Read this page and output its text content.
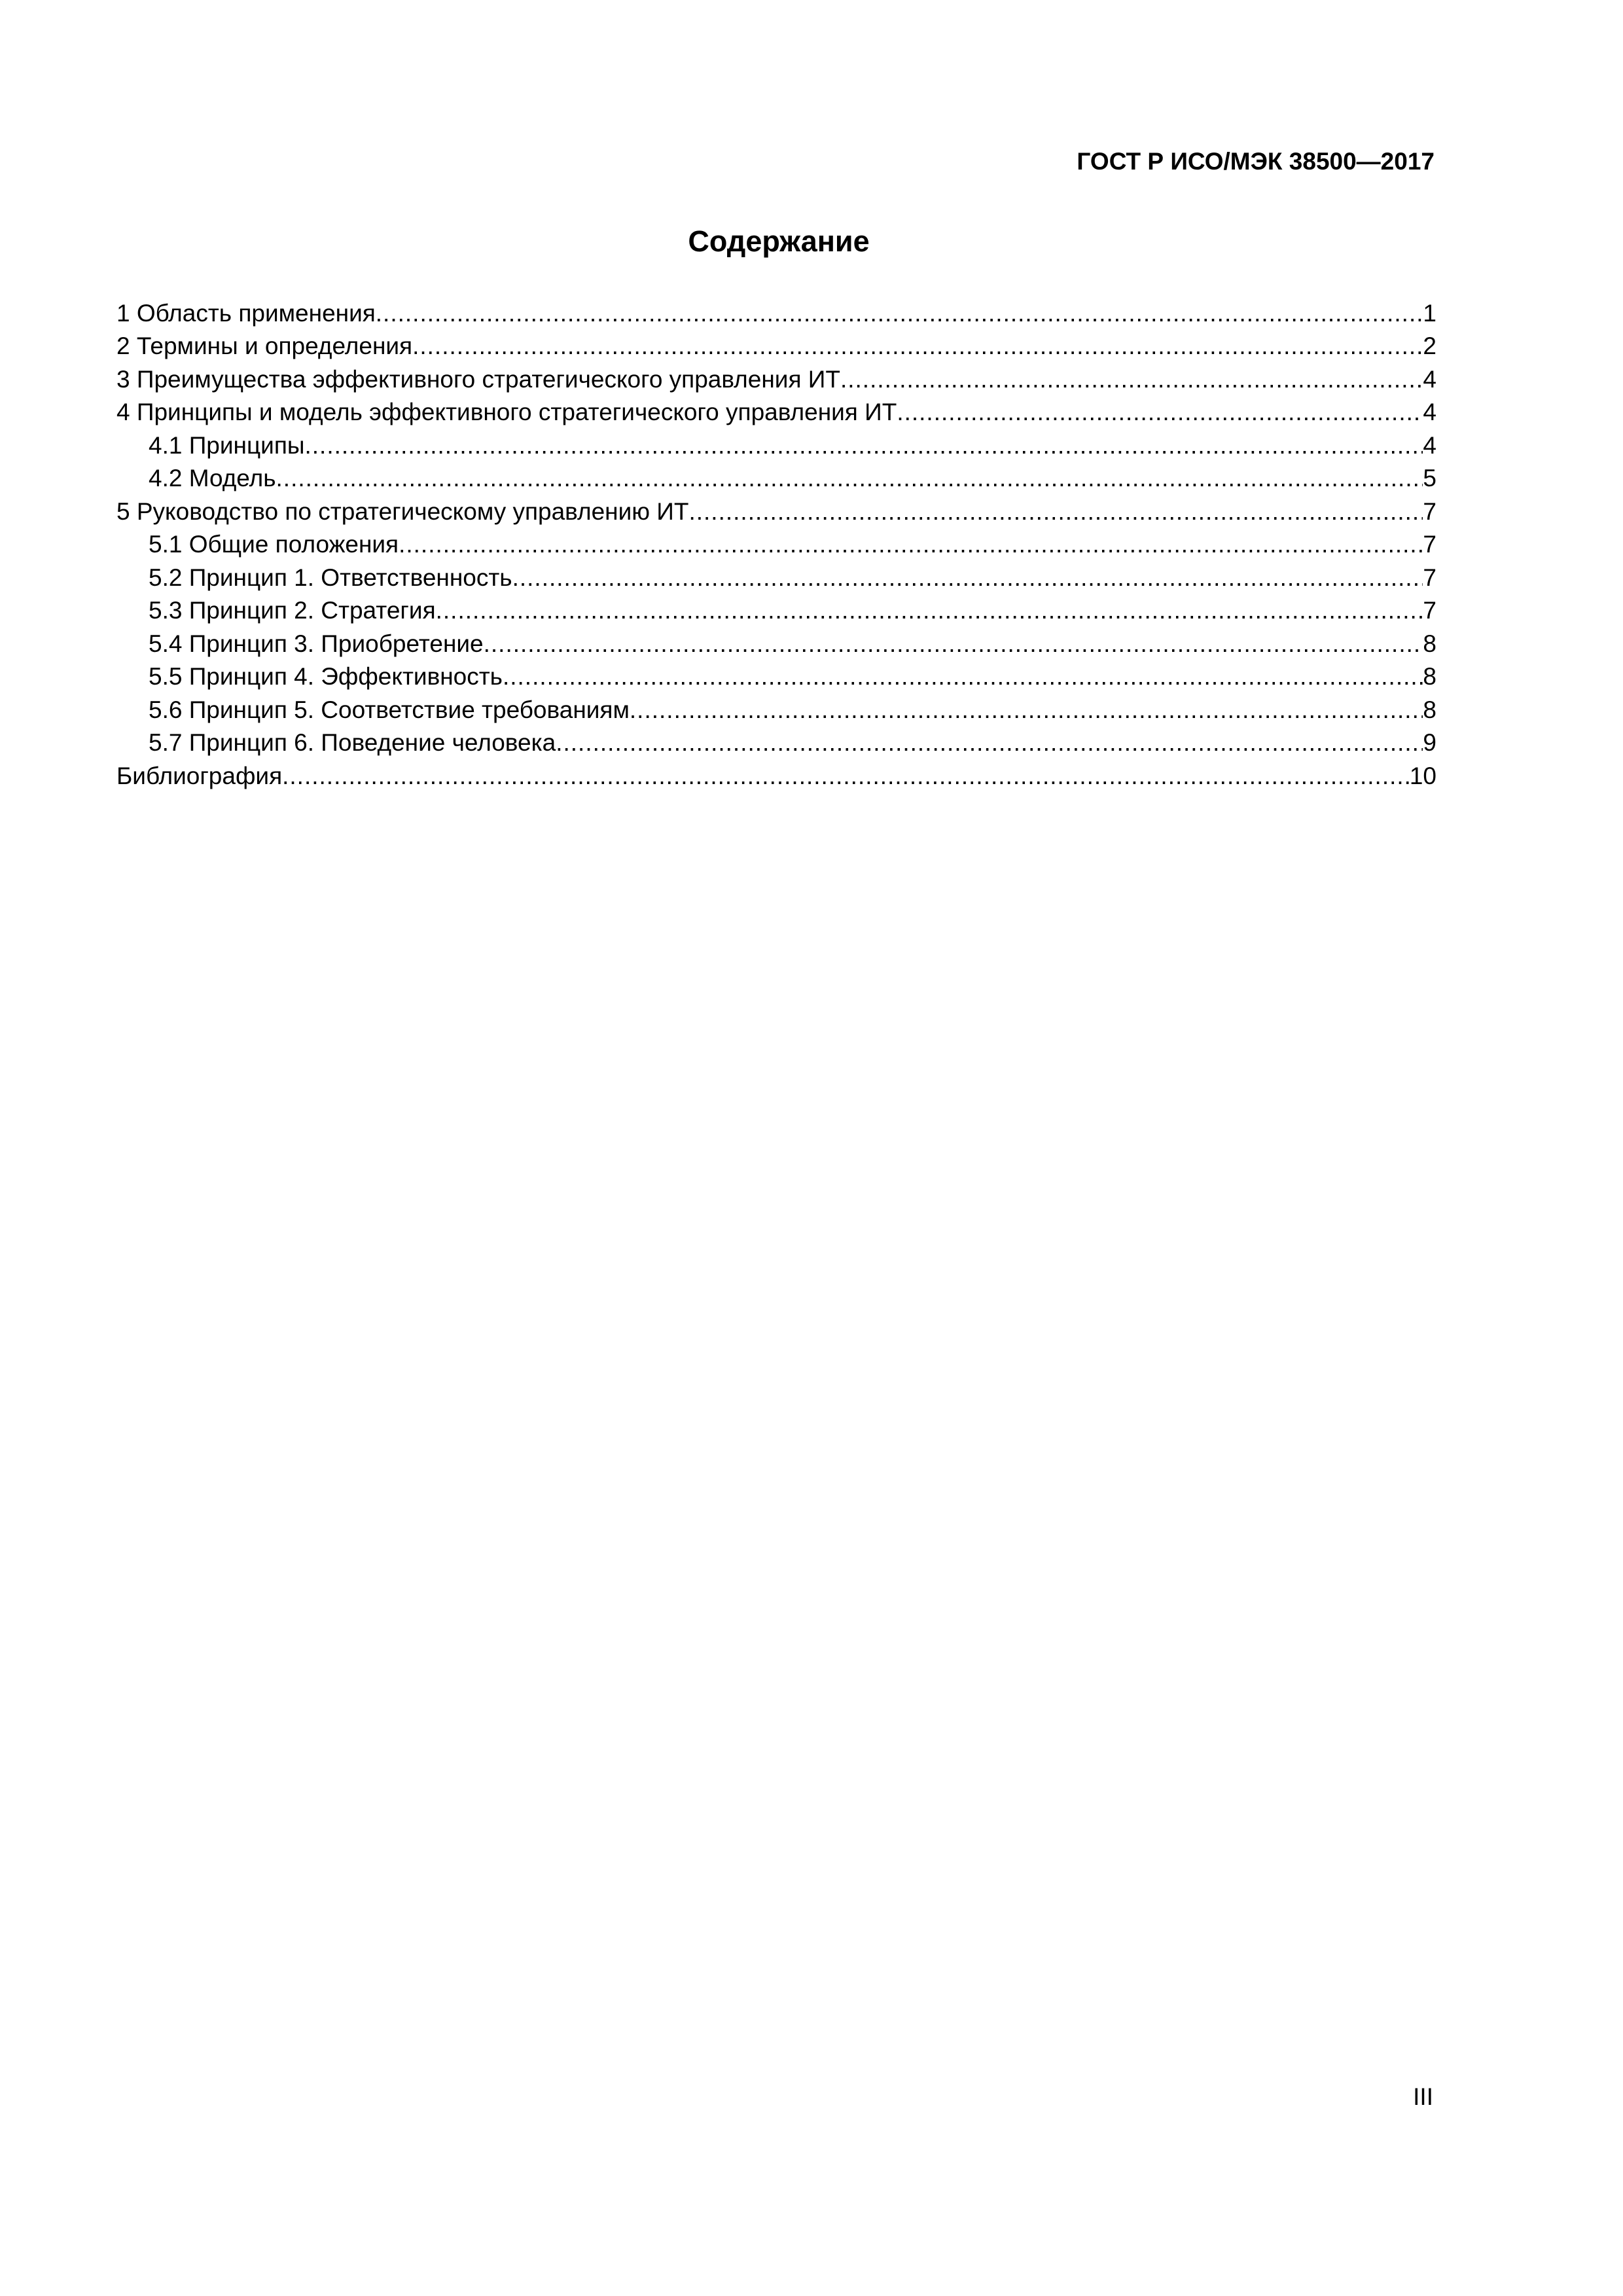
ГОСТ Р ИСО/МЭК 38500—2017
Содержание
1 Область применения .....	1
2 Термины и определения .....	2
3 Преимущества эффективного стратегического управления ИТ .....	4
4 Принципы и модель эффективного стратегического управления ИТ .....	4
4.1 Принципы .....	4
4.2 Модель .....	5
5 Руководство по стратегическому управлению ИТ .....	7
5.1 Общие положения .....	7
5.2 Принцип 1. Ответственность .....	7
5.3 Принцип 2. Стратегия .....	7
5.4 Принцип 3. Приобретение .....	8
5.5 Принцип 4. Эффективность .....	8
5.6 Принцип 5. Соответствие требованиям .....	8
5.7 Принцип 6. Поведение человека .....	9
Библиография .....	10
III
